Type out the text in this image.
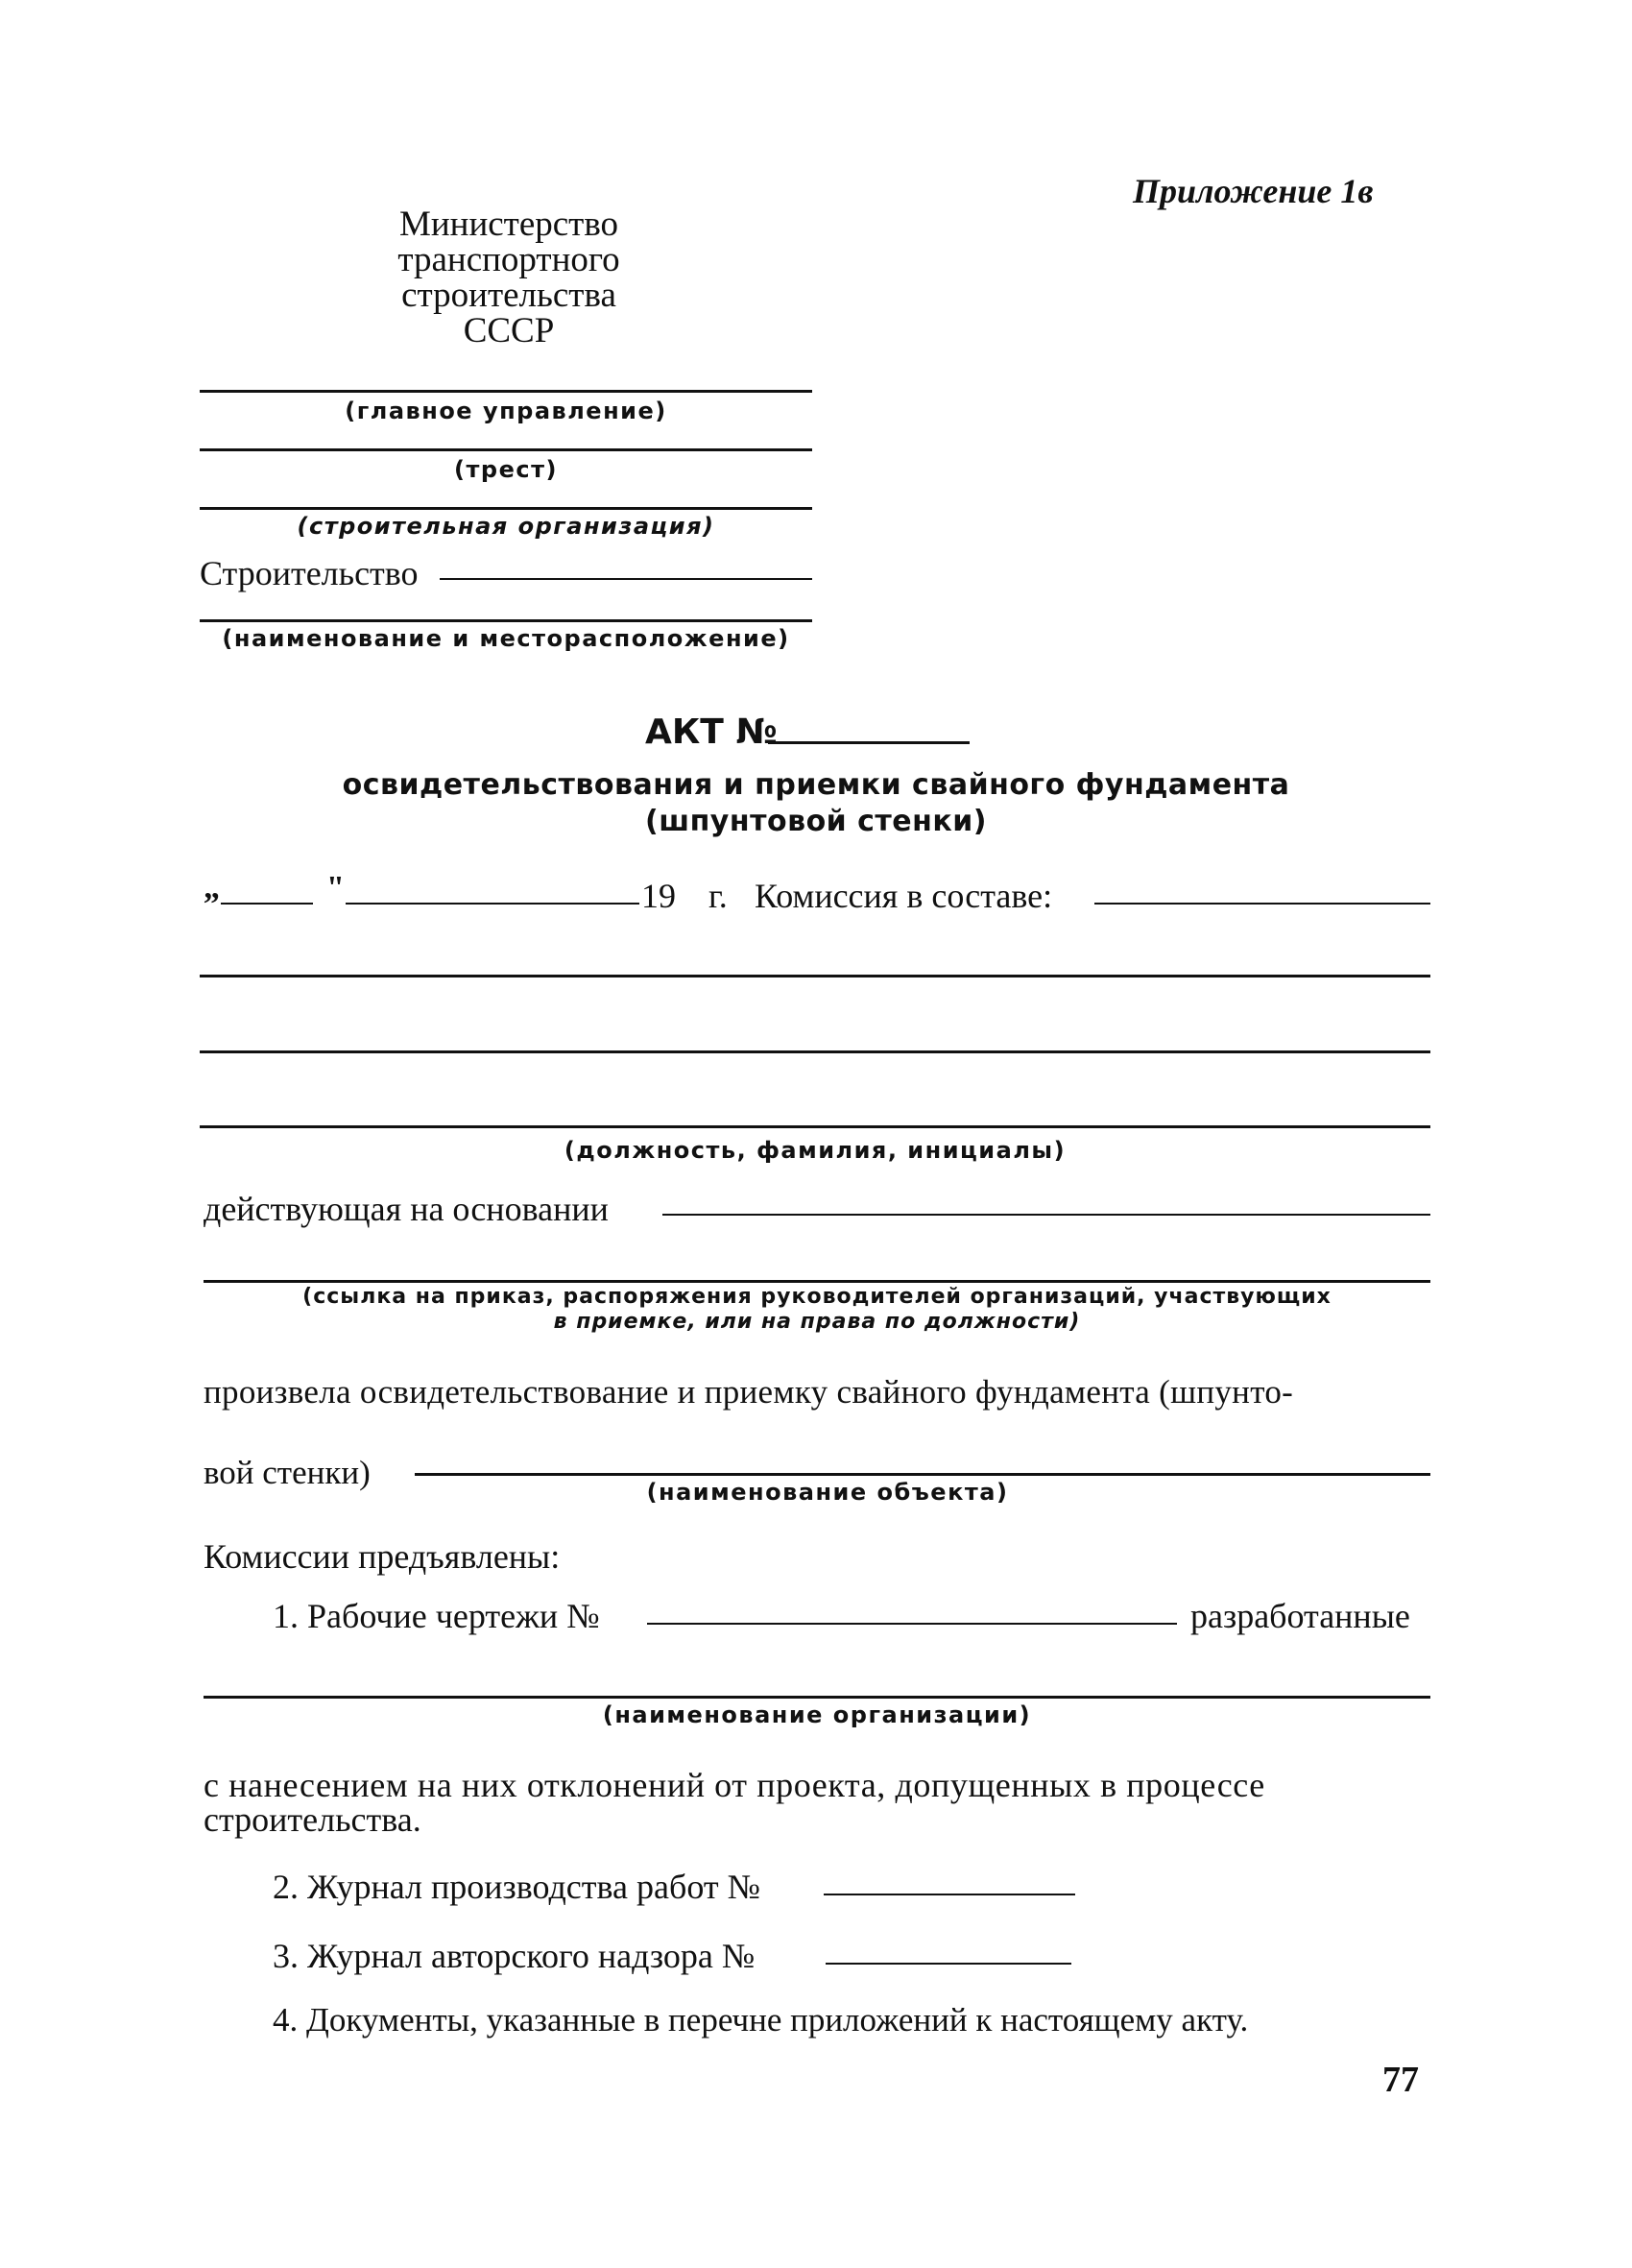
Приложение 1в
Министерство
транспортного
строительства
СССР
(главное управление)
(трест)
(строительная организация)
Строительство
(наименование и месторасположение)
АКТ №
освидетельствования и приемки свайного фундамента
(шпунтовой стенки)
„	"	19 г. Комиссия в составе:
(должность, фамилия, инициалы)
действующая на основании
(ссылка на приказ, распоряжения руководителей организаций, участвующих
в приемке, или на права по должности)
произвела освидетельствование и приемку свайного фундамента (шпунто-
вой стенки)
(наименование объекта)
Комиссии предъявлены:
1. Рабочие чертежи №	разработанные
(наименование организации)
с нанесением на них отклонений от проекта, допущенных в процессе
строительства.
2. Журнал производства работ №
3. Журнал авторского надзора №
4. Документы, указанные в перечне приложений к настоящему акту.
77
